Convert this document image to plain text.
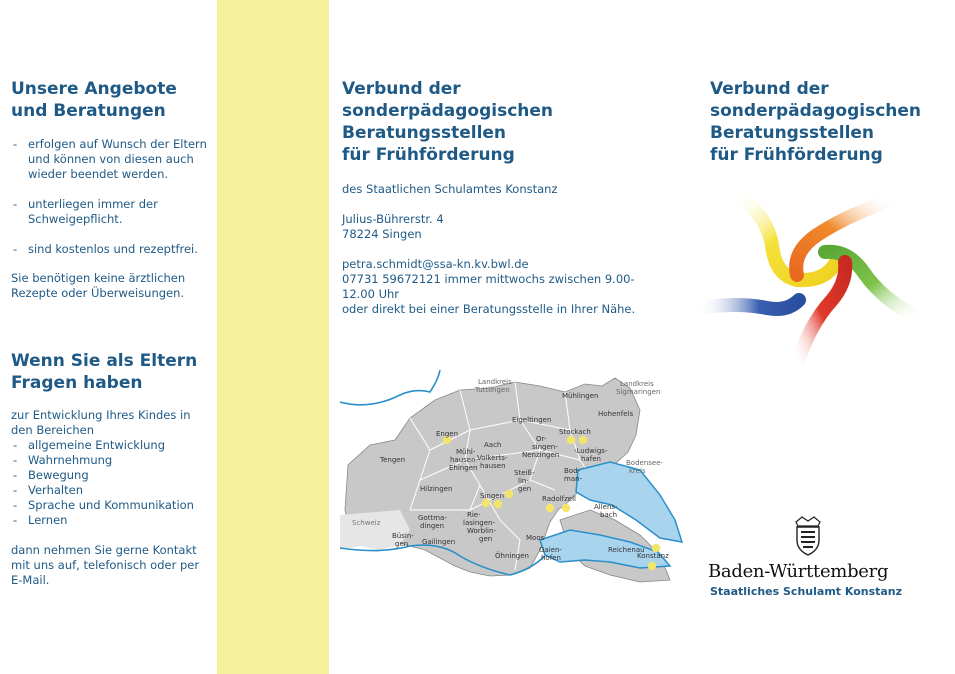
Unsere Angebote
und Beratungen
- erfolgen auf Wunsch der Eltern und können von diesen auch wieder beendet werden.
- unterliegen immer der Schweigepflicht.
- sind kostenlos und rezeptfrei.
Sie benötigen keine ärztlichen Rezepte oder Überweisungen.
Wenn Sie als Eltern
Fragen haben
zur Entwicklung Ihres Kindes in den Bereichen
- allgemeine Entwicklung
- Wahrnehmung
- Bewegung
- Verhalten
- Sprache und Kommunikation
- Lernen
dann nehmen Sie gerne Kontakt mit uns auf, telefonisch oder per E-Mail.
Verbund der
sonderpädagogischen
Beratungsstellen
für Frühförderung

des Staatlichen Schulamtes Konstanz

Julius-Bührerstr. 4

78224 Singen

petra.schmidt@ssa-kn.kv.bwl.de

07731 59672121 immer mittwochs zwischen 9.00-12.00 Uhr

oder direkt bei einer Beratungsstelle in Ihrer Nähe.

Landkreis
Tuttlingen
Mühlingen
Landkreis
Sigmaringen
Hohenfels
Eigeltingen
Stockach
Engen
Aach
Or-
singen-
Nenzingen -Ludwigs-
hafen	Bodensee-
kreis
Tengen
Mühl-
hausen-
Ehingen
Volkerts-
hausen
Steiß-
lin-
gen
Bod-
man-
Hilzingen
Singen	Radolfzell
Schweiz
Gottma-
dingen
Rie-
lasingen-
Worblin-
gen
Allens-
bach
Büsin-
gen Gailingen
Öhningen
Moos
Gaien-
hofen
Reichenau
Konstanz
Verbund der
sonderpädagogischen
Beratungsstellen
für Frühförderung
Baden-Württemberg
Staatliches Schulamt Konstanz
